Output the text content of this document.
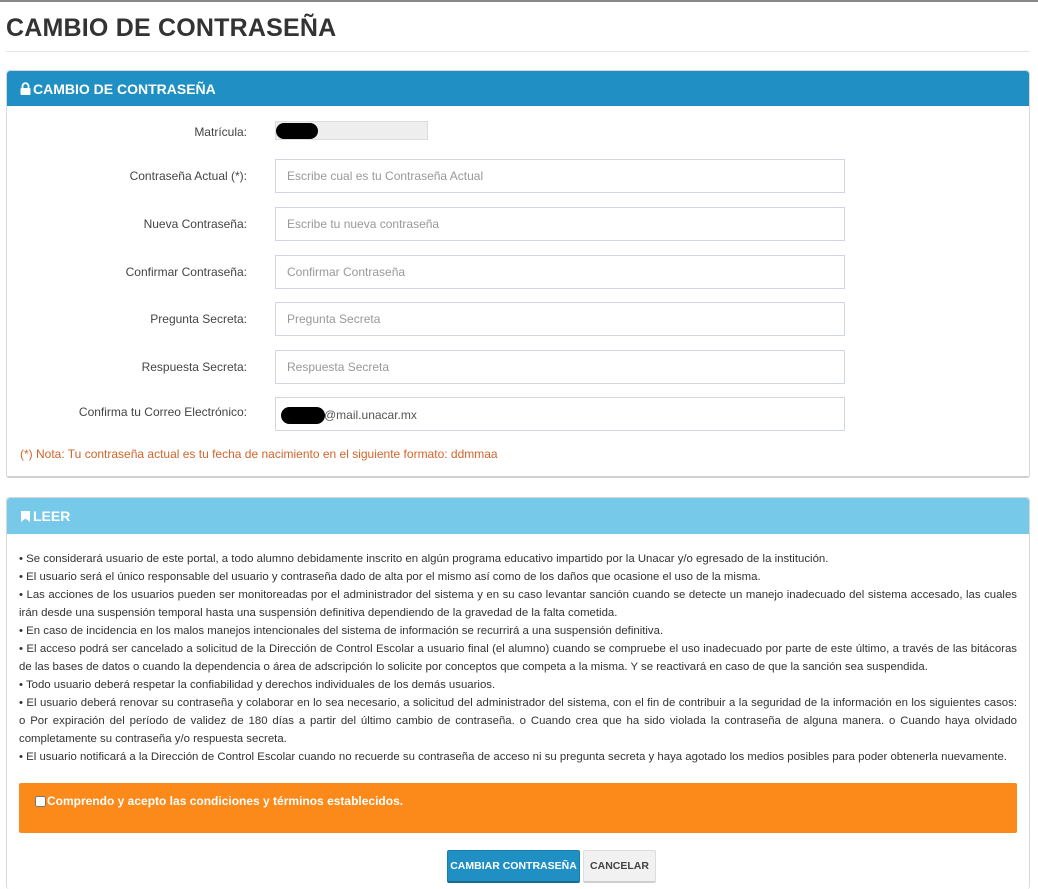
CAMBIO DE CONTRASEÑA
CAMBIO DE CONTRASEÑA
Matrícula:
Contraseña Actual (*):
Nueva Contraseña:
Confirmar Contraseña:
Pregunta Secreta:
Pregunta Secreta
Respuesta Secreta:
Respuesta Secreta
Confirma tu Correo Electrónico:	@mail.unacar.mx
(*) Nota: Tu contraseña actual es tu fecha de nacimiento en el siguiente formato: ddmmaa
LEER

• Se considerará usuario de este portal, a todo alumno debidamente inscrito en algún programa educativo impartido por la Unacar y/o egresado de la institución.

• El usuario será el único responsable del usuario y contraseña dado de alta por el mismo así como de los daños que ocasione el uso de la misma.

• Las acciones de los usuarios pueden ser monitoreadas por el administrador del sistema y en su caso levantar sanción cuando se detecte un manejo inadecuado del sistema accesado, las cuales irán desde una suspensión temporal hasta una suspensión definitiva dependiendo de la gravedad de la falta cometida.

• En caso de incidencia en los malos manejos intencionales del sistema de información se recurrirá a una suspensión definitiva.

• El acceso podrá ser cancelado a solicitud de la Dirección de Control Escolar a usuario final (el alumno) cuando se compruebe el uso inadecuado por parte de este último, a través de las bitácoras de las bases de datos o cuando la dependencia o área de adscripción lo solicite por conceptos que competa a la misma. Y se reactivará en caso de que la sanción sea suspendida.

• Todo usuario deberá respetar la confiabilidad y derechos individuales de los demás usuarios.

• El usuario deberá renovar su contraseña y colaborar en lo sea necesario, a solicitud del administrador del sistema, con el fin de contribuir a la seguridad de la información en los siguientes casos: o Por expiración del período de validez de 180 días a partir del último cambio de contraseña. o Cuando crea que ha sido violada la contraseña de alguna manera. o Cuando haya olvidado completamente su contraseña y/o respuesta secreta.

• El usuario notificará a la Dirección de Control Escolar cuando no recuerde su contraseña de acceso ni su pregunta secreta y haya agotado los medios posibles para poder obtenerla nuevamente.

Comprendo y acepto las condiciones y términos establecidos.
CAMBIAR CONTRASEÑA	CANCELAR
